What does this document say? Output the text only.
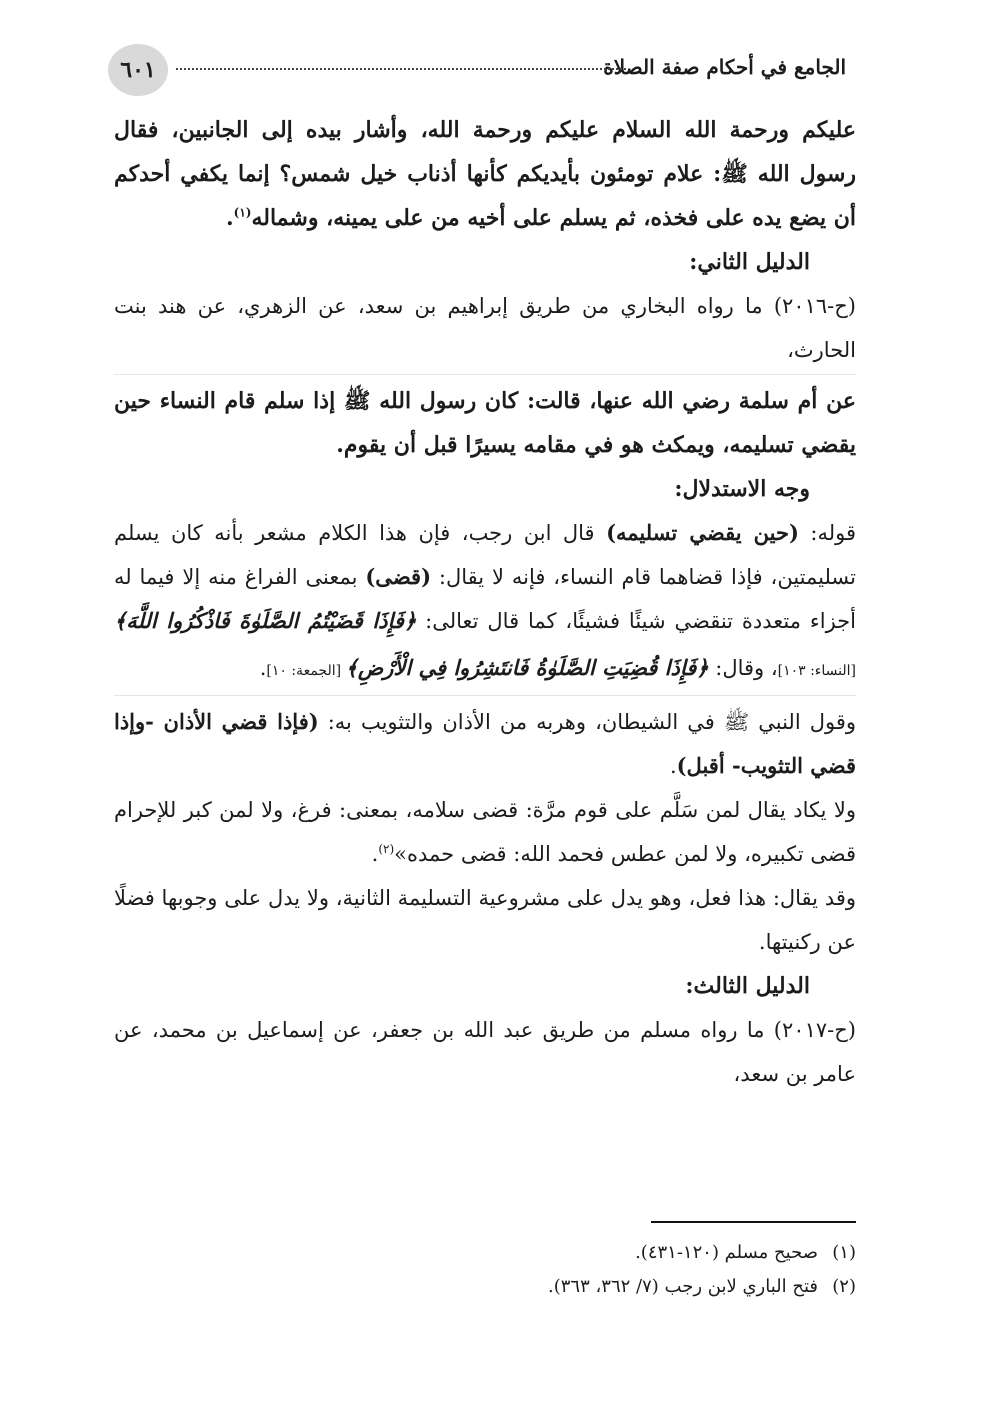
الجامع في أحكام صفة الصلاة
٦٠١

عليكم ورحمة الله السلام عليكم ورحمة الله، وأشار بيده إلى الجانبين، فقال رسول الله ﷺ: علام تومئون بأيديكم كأنها أذناب خيل شمس؟ إنما يكفي أحدكم أن يضع يده على فخذه، ثم يسلم على أخيه من على يمينه، وشماله$^{(١)}$.

الدليل الثاني:

(ح-٢٠١٦) ما رواه البخاري من طريق إبراهيم بن سعد، عن الزهري، عن هند بنت الحارث،

عن أم سلمة رضي الله عنها، قالت: كان رسول الله ﷺ إذا سلم قام النساء حين يقضي تسليمه، ويمكث هو في مقامه يسيرًا قبل أن يقوم.

وجه الاستدلال:

قوله: (حين يقضي تسليمه) قال ابن رجب، فإن هذا الكلام مشعر بأنه كان يسلم تسليمتين، فإذا قضاهما قام النساء، فإنه لا يقال: (قضى) بمعنى الفراغ منه إلا فيما له أجزاء متعددة تنقضي شيئًا فشيئًا، كما قال تعالى: ﴿فَإِذَا قَضَيْتُمُ الصَّلَوٰةَ فَاذْكُرُوا اللَّهَ﴾ [النساء: ١٠٣]، وقال: ﴿فَإِذَا قُضِيَتِ الصَّلَوٰةُ فَانتَشِرُوا فِي الْأَرْضِ﴾ [الجمعة: ١٠].

وقول النبي ﷺ في الشيطان، وهربه من الأذان والتثويب به: (فإذا قضي الأذان -وإذا قضي التثويب- أقبل).

ولا يكاد يقال لمن سَلَّم على قوم مرَّة: قضى سلامه، بمعنى: فرغ، ولا لمن كبر للإحرام قضى تكبيره، ولا لمن عطس فحمد الله: قضى حمده»$^{(٢)}$.

وقد يقال: هذا فعل، وهو يدل على مشروعية التسليمة الثانية، ولا يدل على وجوبها فضلًا عن ركنيتها.

الدليل الثالث:

(ح-٢٠١٧) ما رواه مسلم من طريق عبد الله بن جعفر، عن إسماعيل بن محمد، عن عامر بن سعد،

(١)صحيح مسلم (١٢٠-٤٣١).

(٢)فتح الباري لابن رجب (٧/ ٣٦٢، ٣٦٣).
